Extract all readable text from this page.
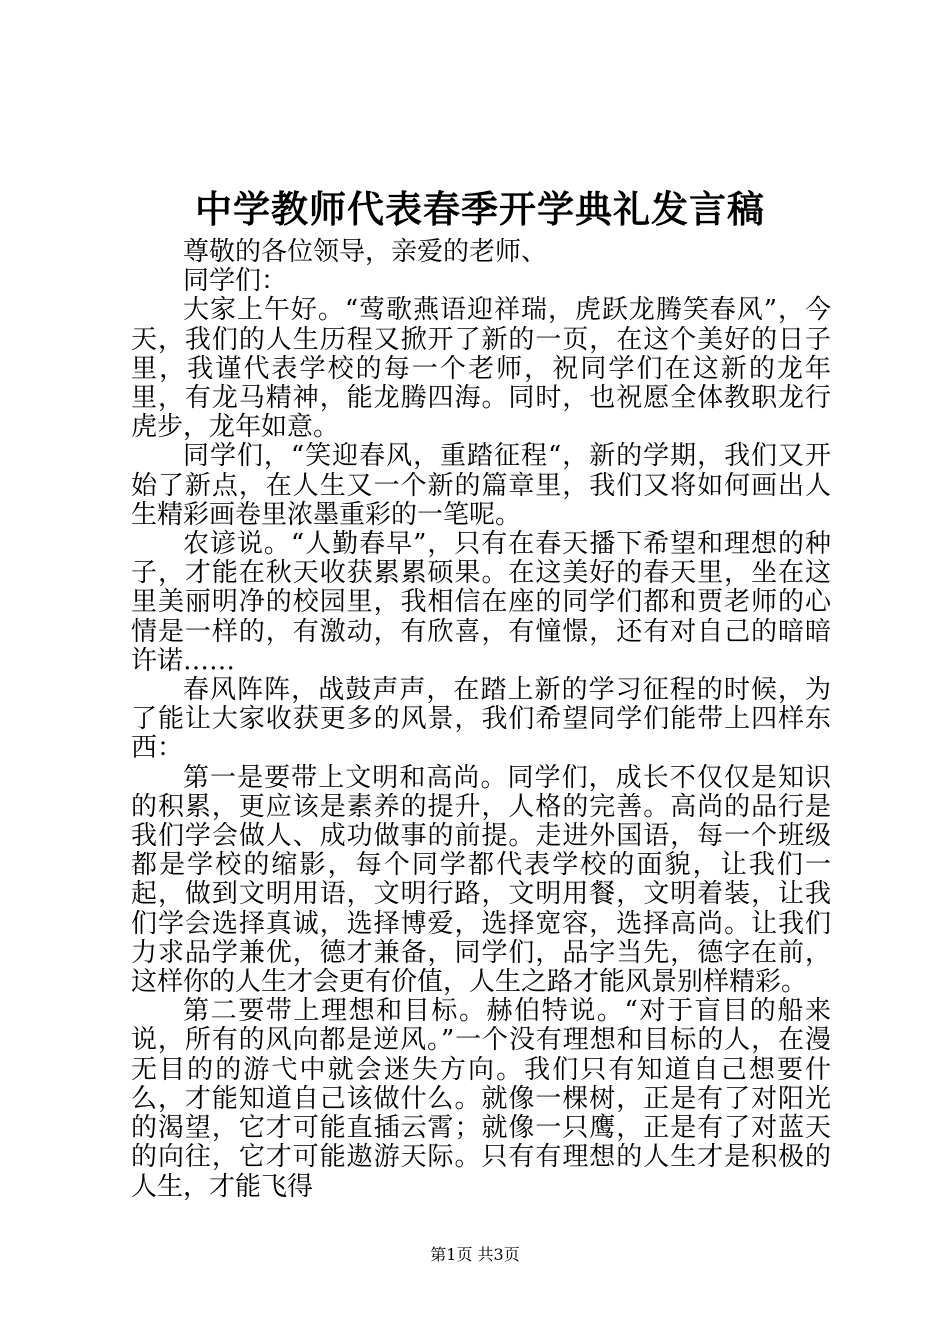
中学教师代表春季开学典礼发言稿

尊敬的各位领导，亲爱的老师、

同学们：

大家上午好。“莺歌燕语迎祥瑞，虎跃龙腾笑春风”，今天，我们的人生历程又掀开了新的一页，在这个美好的日子里，我谨代表学校的每一个老师，祝同学们在这新的龙年里，有龙马精神，能龙腾四海。同时，也祝愿全体教职龙行虎步，龙年如意。

同学们，“笑迎春风，重踏征程“，新的学期，我们又开始了新点，在人生又一个新的篇章里，我们又将如何画出人生精彩画卷里浓墨重彩的一笔呢。

农谚说。“人勤春早”，只有在春天播下希望和理想的种子，才能在秋天收获累累硕果。在这美好的春天里，坐在这里美丽明净的校园里，我相信在座的同学们都和贾老师的心情是一样的，有激动，有欣喜，有憧憬，还有对自己的暗暗许诺……

春风阵阵，战鼓声声，在踏上新的学习征程的时候，为了能让大家收获更多的风景，我们希望同学们能带上四样东西：

第一是要带上文明和高尚。同学们，成长不仅仅是知识的积累，更应该是素养的提升，人格的完善。高尚的品行是我们学会做人、成功做事的前提。走进外国语，每一个班级都是学校的缩影，每个同学都代表学校的面貌，让我们一起，做到文明用语，文明行路，文明用餐，文明着装，让我们学会选择真诚，选择博爱，选择宽容，选择高尚。让我们力求品学兼优，德才兼备，同学们，品字当先，德字在前，这样你的人生才会更有价值，人生之路才能风景别样精彩。

第二要带上理想和目标。赫伯特说。“对于盲目的船来说，所有的风向都是逆风。”一个没有理想和目标的人，在漫无目的的游弋中就会迷失方向。我们只有知道自己想要什么，才能知道自己该做什么。就像一棵树，正是有了对阳光的渴望，它才可能直插云霄；就像一只鹰，正是有了对蓝天的向往，它才可能遨游天际。只有有理想的人生才是积极的人生，才能飞得

第1页 共3页
